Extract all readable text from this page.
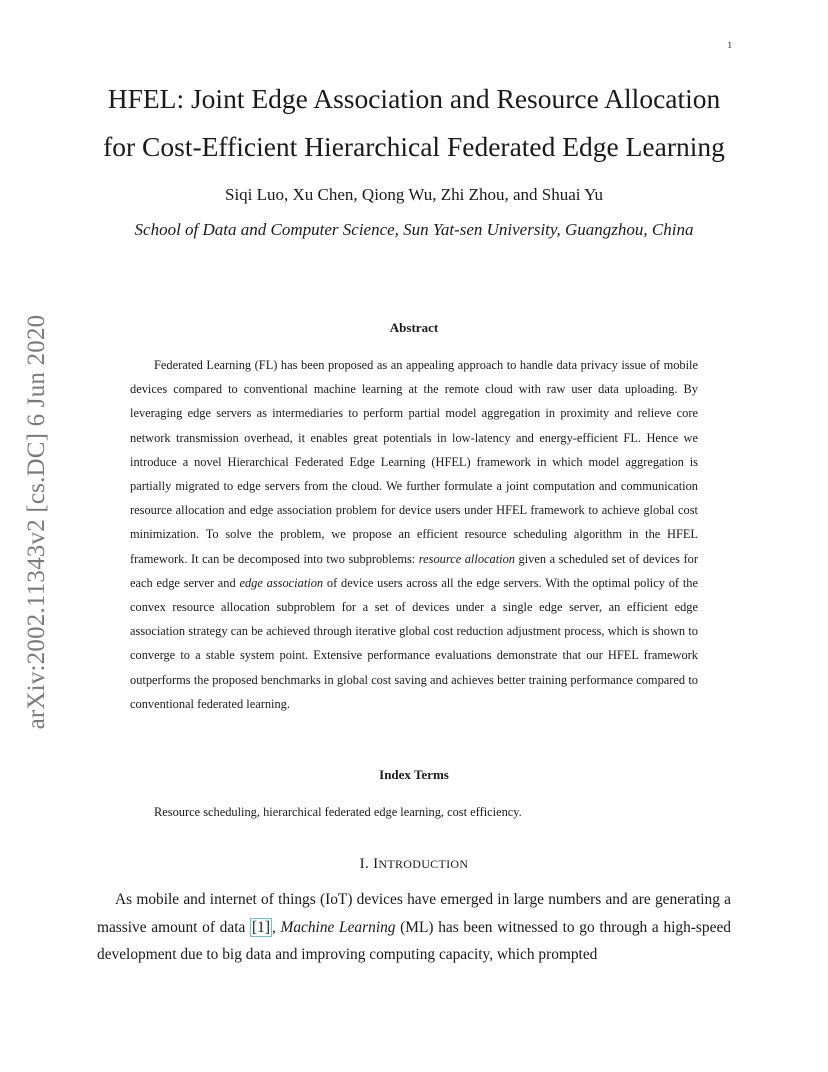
1
arXiv:2002.11343v2 [cs.DC] 6 Jun 2020
HFEL: Joint Edge Association and Resource Allocation
for Cost-Efficient Hierarchical Federated Edge Learning
Siqi Luo, Xu Chen, Qiong Wu, Zhi Zhou, and Shuai Yu
School of Data and Computer Science, Sun Yat-sen University, Guangzhou, China
Abstract

Federated Learning (FL) has been proposed as an appealing approach to handle data privacy issue of mobile devices compared to conventional machine learning at the remote cloud with raw user data uploading. By leveraging edge servers as intermediaries to perform partial model aggregation in proximity and relieve core network transmission overhead, it enables great potentials in low-latency and energy-efficient FL. Hence we introduce a novel Hierarchical Federated Edge Learning (HFEL) framework in which model aggregation is partially migrated to edge servers from the cloud. We further formulate a joint computation and communication resource allocation and edge association problem for device users under HFEL framework to achieve global cost minimization. To solve the problem, we propose an efficient resource scheduling algorithm in the HFEL framework. It can be decomposed into two subproblems: resource allocation given a scheduled set of devices for each edge server and edge association of device users across all the edge servers. With the optimal policy of the convex resource allocation subproblem for a set of devices under a single edge server, an efficient edge association strategy can be achieved through iterative global cost reduction adjustment process, which is shown to converge to a stable system point. Extensive performance evaluations demonstrate that our HFEL framework outperforms the proposed benchmarks in global cost saving and achieves better training performance compared to conventional federated learning.

Index Terms

Resource scheduling, hierarchical federated edge learning, cost efficiency.

I. INTRODUCTION

As mobile and internet of things (IoT) devices have emerged in large numbers and are generating a massive amount of data [1] , Machine Learning (ML) has been witnessed to go through a high-speed development due to big data and improving computing capacity, which prompted
